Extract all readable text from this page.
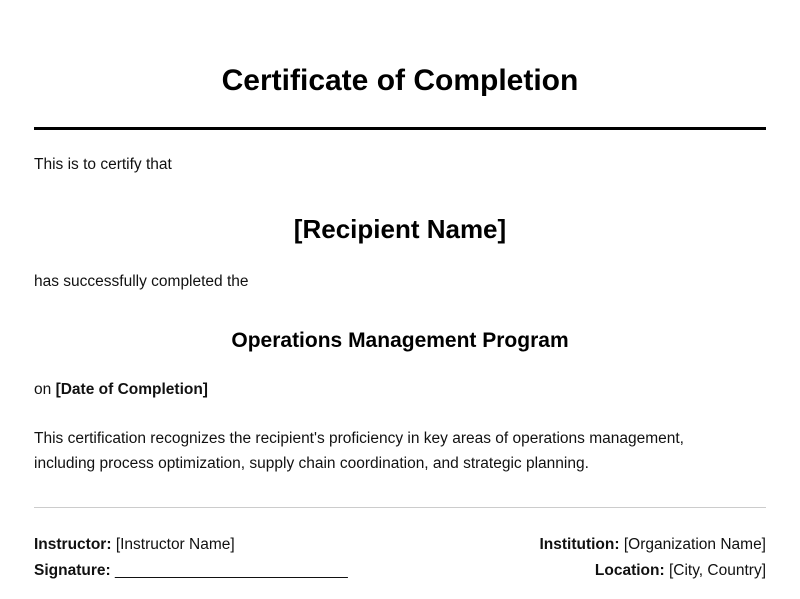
Certificate of Completion
This is to certify that
[Recipient Name]
has successfully completed the
Operations Management Program
on [Date of Completion]
This certification recognizes the recipient's proficiency in key areas of operations management, including process optimization, supply chain coordination, and strategic planning.
Instructor: [Instructor Name]
Signature: ___________________________
Institution: [Organization Name]
Location: [City, Country]
